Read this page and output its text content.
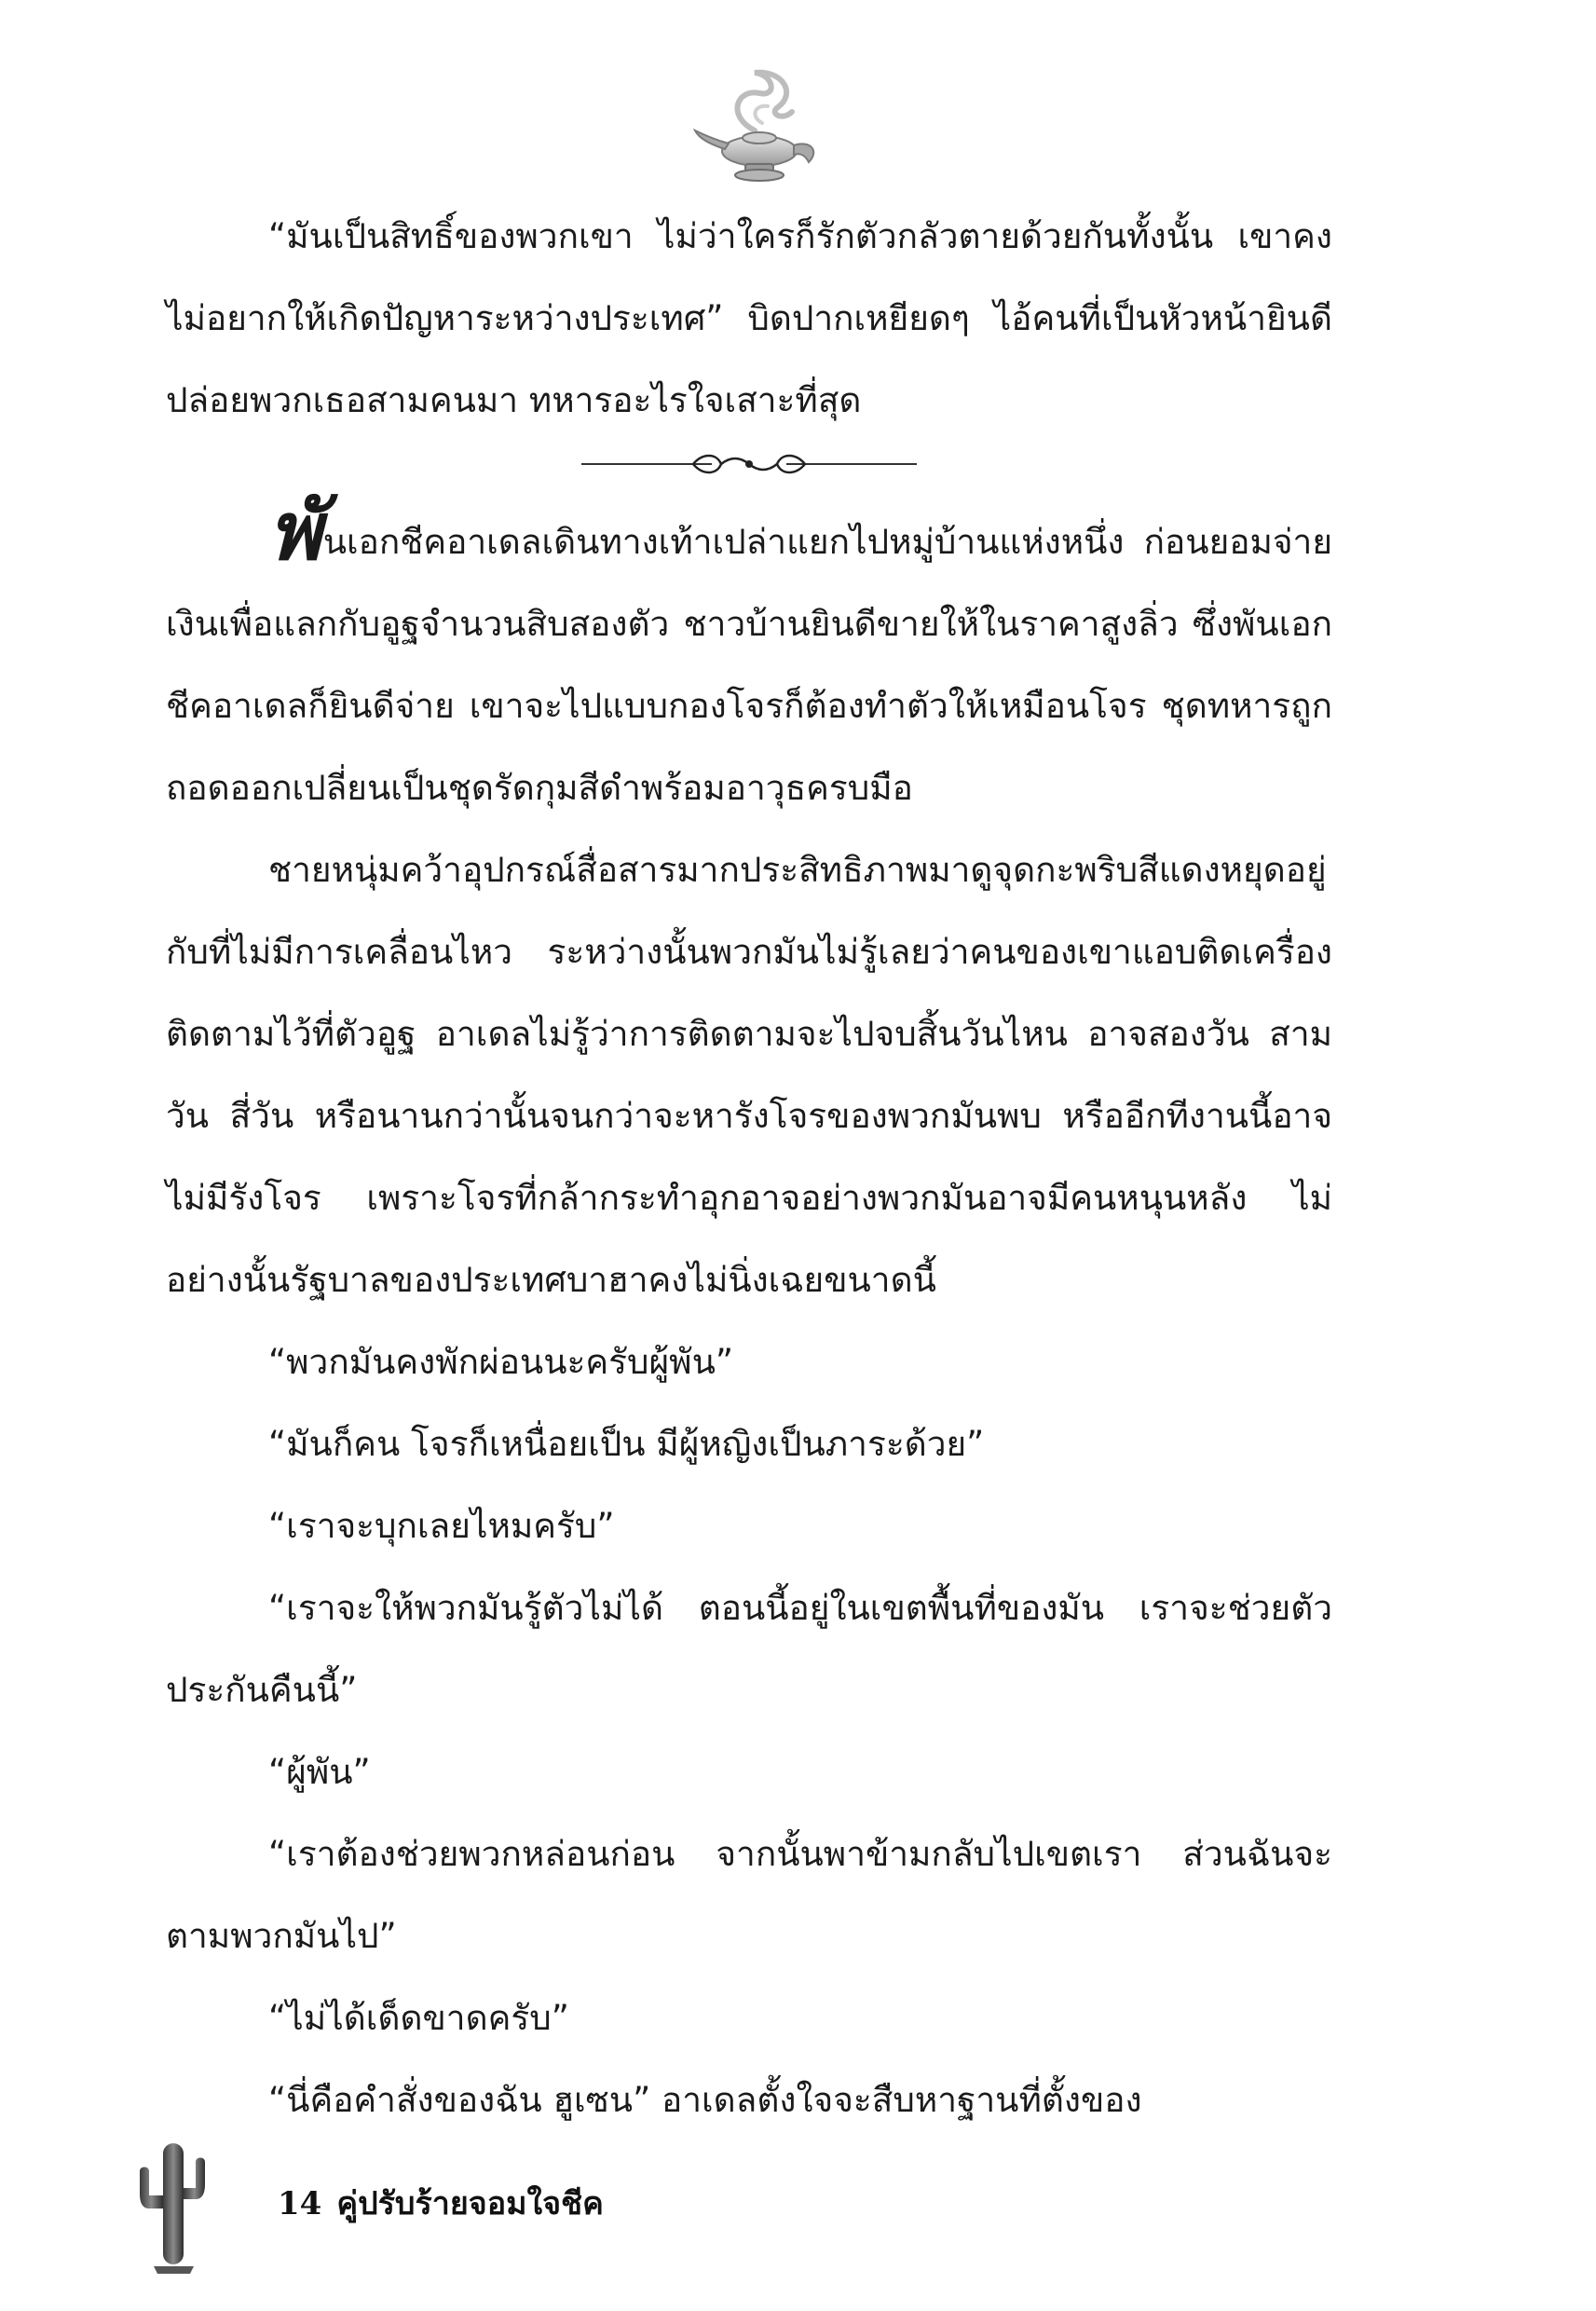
“มันเป็นสิทธิ์ของพวกเขา ไม่ว่าใครก็รักตัวกลัวตายด้วยกันทั้งนั้น เขาคงไม่อยากให้เกิดปัญหาระหว่างประเทศ” บิดปากเหยียดๆ ไอ้คนที่เป็นหัวหน้ายินดีปล่อยพวกเธอสามคนมา ทหารอะไรใจเสาะที่สุด

พันเอกชีคอาเดลเดินทางเท้าเปล่าแยกไปหมู่บ้านแห่งหนึ่ง ก่อนยอมจ่ายเงินเพื่อแลกกับอูฐจำนวนสิบสองตัว ชาวบ้านยินดีขายให้ในราคาสูงลิ่ว ซึ่งพันเอกชีคอาเดลก็ยินดีจ่าย เขาจะไปแบบกองโจรก็ต้องทำตัวให้เหมือนโจร ชุดทหารถูกถอดออกเปลี่ยนเป็นชุดรัดกุมสีดำพร้อมอาวุธครบมือ

ชายหนุ่มคว้าอุปกรณ์สื่อสารมากประสิทธิภาพมาดูจุดกะพริบสีแดงหยุดอยู่กับที่ไม่มีการเคลื่อนไหว ระหว่างนั้นพวกมันไม่รู้เลยว่าคนของเขาแอบติดเครื่องติดตามไว้ที่ตัวอูฐ อาเดลไม่รู้ว่าการติดตามจะไปจบสิ้นวันไหน อาจสองวัน สามวัน สี่วัน หรือนานกว่านั้นจนกว่าจะหารังโจรของพวกมันพบ หรืออีกทีงานนี้อาจไม่มีรังโจร เพราะโจรที่กล้ากระทำอุกอาจอย่างพวกมันอาจมีคนหนุนหลัง ไม่อย่างนั้นรัฐบาลของประเทศบาฮาคงไม่นิ่งเฉยขนาดนี้

“พวกมันคงพักผ่อนนะครับผู้พัน”

“มันก็คน โจรก็เหนื่อยเป็น มีผู้หญิงเป็นภาระด้วย”

“เราจะบุกเลยไหมครับ”

“เราจะให้พวกมันรู้ตัวไม่ได้ ตอนนี้อยู่ในเขตพื้นที่ของมัน เราจะช่วยตัวประกันคืนนี้”

“ผู้พัน”

“เราต้องช่วยพวกหล่อนก่อน จากนั้นพาข้ามกลับไปเขตเรา ส่วนฉันจะตามพวกมันไป”

“ไม่ได้เด็ดขาดครับ”

“นี่คือคำสั่งของฉัน ฮูเซน” อาเดลตั้งใจจะสืบหาฐานที่ตั้งของ

14 คู่ปรับร้ายจอมใจชีค
